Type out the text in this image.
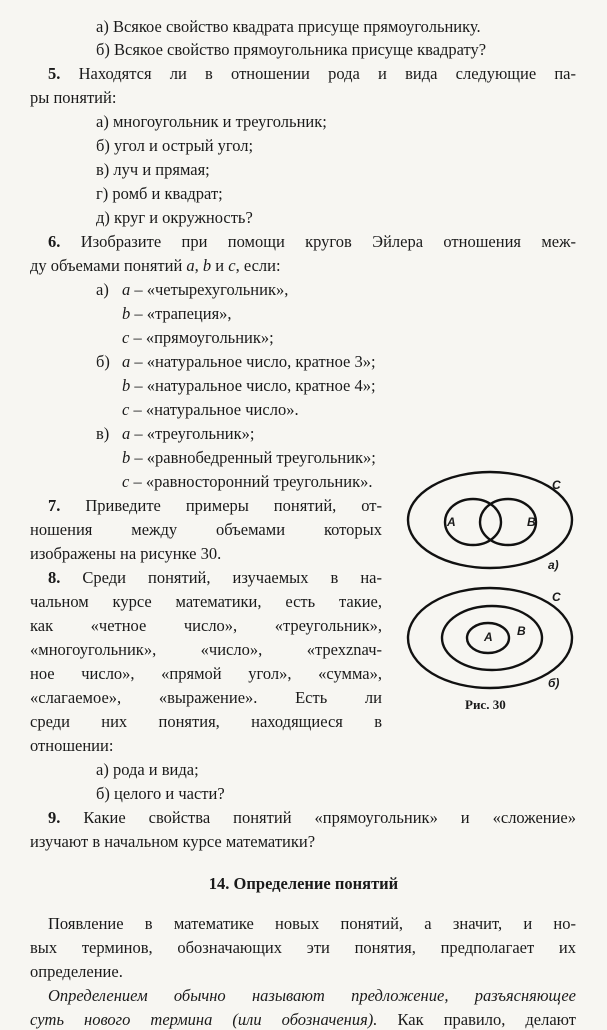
а) Всякое свойство квадрата присуще прямоугольнику.
б) Всякое свойство прямоугольника присуще квадрату?
5. Находятся ли в отношении рода и вида следующие па-
ры понятий:
а) многоугольник и треугольник;
б) угол и острый угол;
в) луч и прямая;
г) ромб и квадрат;
д) круг и окружность?
6. Изобразите при помощи кругов Эйлера отношения меж-
ду объемами понятий a, b и c, если:
а) a – «четырехугольник»,
b – «трапеция»,
c – «прямоугольник»;
б) a – «натуральное число, кратное 3»;
b – «натуральное число, кратное 4»;
c – «натуральное число».
в) a – «треугольник»;
b – «равнобедренный треугольник»;
c – «равносторонний треугольник».
7. Приведите примеры понятий, от-
ношения между объемами которых
изображены на рисунке 30.
8. Среди понятий, изучаемых в на-
чальном курсе математики, есть такие,
как «четное число», «треугольник»,
«многоугольник», «число», «трехznач-
ное число», «прямой угол», «сумма»,
«слагаемое», «выражение». Есть ли
среди них понятия, находящиеся в
отношении:
а) рода и вида;
б) целого и части?
A	B
C
а)
A B
C
б)
Рис. 30
9. Какие свойства понятий «прямоугольник» и «сложение»
изучают в начальном курсе математики?
14. Определение понятий
Появление в математике новых понятий, а значит, и но-
вых терминов, обозначающих эти понятия, предполагает их
определение.
Определением обычно называют предложение, разъясняющее
суть нового термина (или обозначения). Как правило, делают
